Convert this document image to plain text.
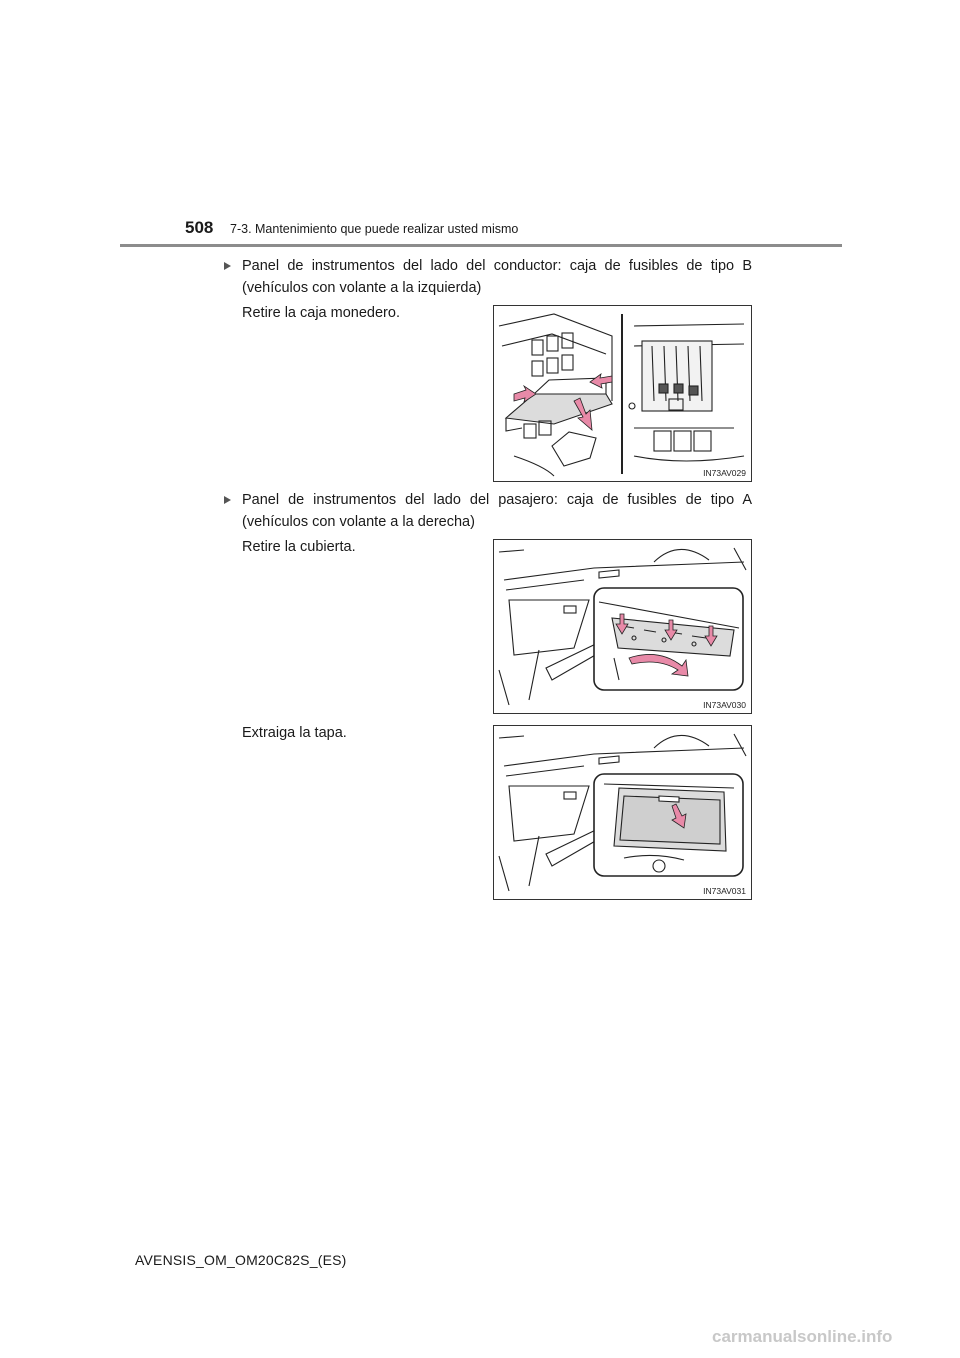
508 7-3. Mantenimiento que puede realizar usted mismo
Panel de instrumentos del lado del conductor: caja de fusibles de tipo B (vehículos con volante a la izquierda)
Retire la caja monedero.
IN73AV029
Panel de instrumentos del lado del pasajero: caja de fusibles de tipo A (vehículos con volante a la derecha)
Retire la cubierta.
IN73AV030
Extraiga la tapa.
IN73AV031
AVENSIS_OM_OM20C82S_(ES)
carmanualsonline.info
